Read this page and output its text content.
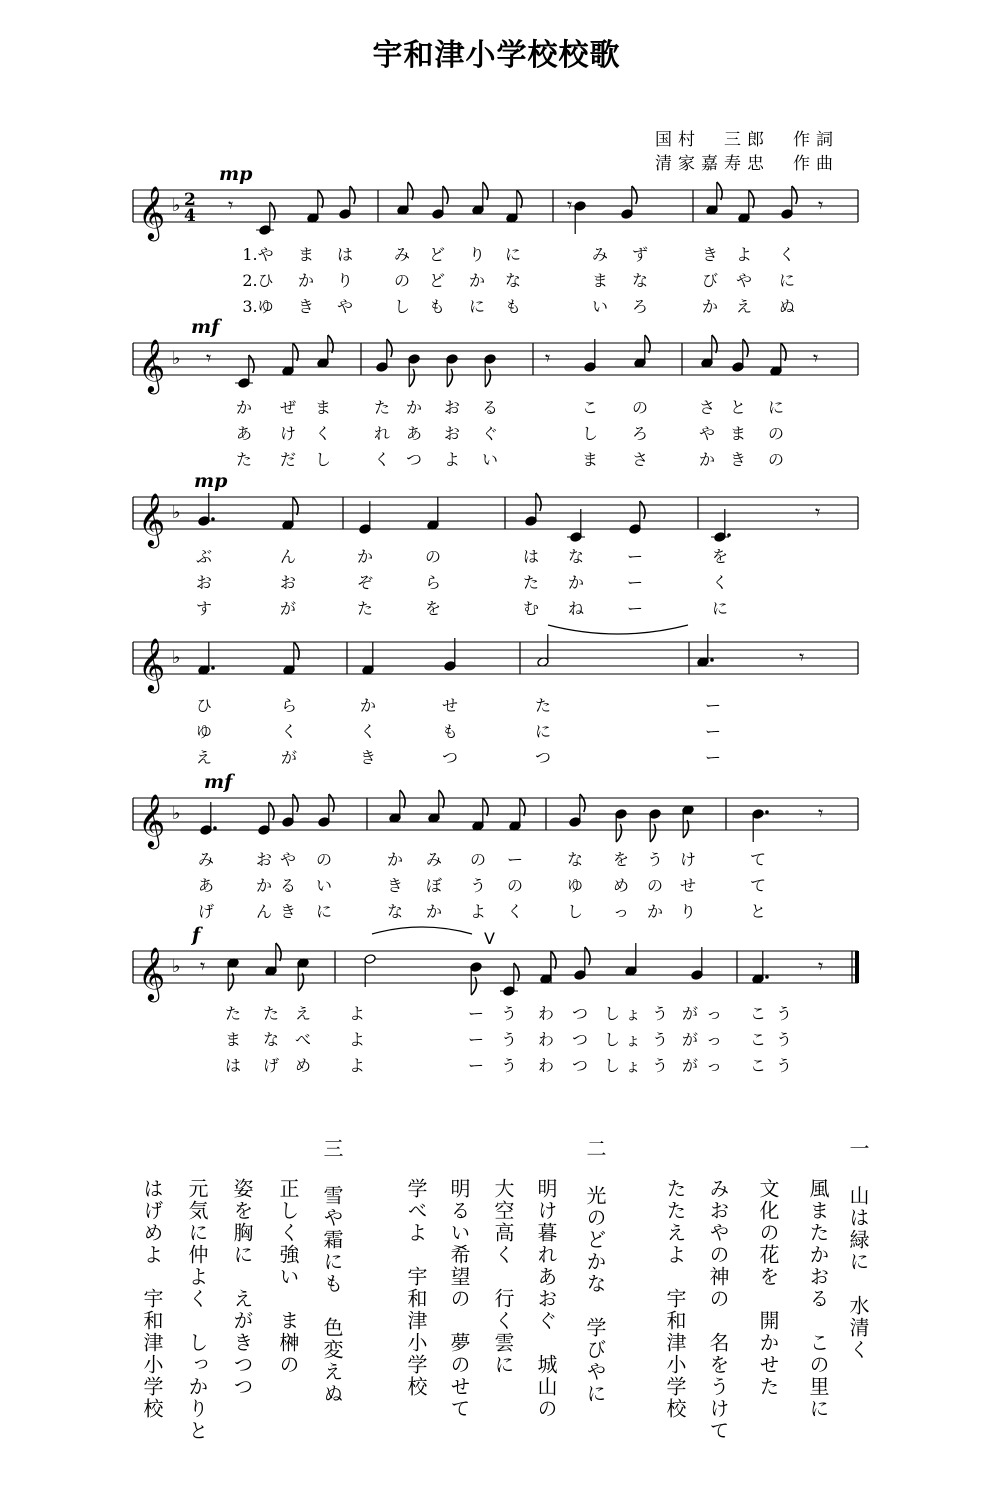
宇和津小学校校歌
国村　三郎　作詞
清家嘉寿忠　作曲
𝄞 ♭ 2
4
mp
𝄾	𝄾	𝄾
𝄞 ♭
mf
𝄾	𝄾	𝄾
𝄞 ♭
mp
𝄾
𝄞 ♭	𝄾
𝄞 ♭
mf
𝄾
𝄞 ♭
f
𝄾	𝄾
V
1.や ま は	み ど り に	み ず	き よ く
2.ひ か り	の ど か な	ま な	び や に
3.ゆ き や	し も に も	い ろ	か え ぬ
か ぜ ま	た か お る	こ の	さ と に
あ け く	れ あ お ぐ	し ろ	や ま の
た だ し	く つ よ い	ま さ	か き の
ぶ	ん	か	の	は な	ー	を
お	お	ぞ	ら	た か	ー	く
す	が	た	を	む ね	ー	に
ひ	ら	か	せ	た	ー
ゆ	く	く	も	に	ー
え	が	き	つ	つ	ー
み	お や の	か み の ー	な を う け	て
あ	か る い	き ぼ う の	ゆ め の せ	て
げ	ん き に	な か よ く	し っ か り	と
た た え よ	ー う わ つ し ょ う が っ こ う
ま な べ よ	ー う わ つ し ょ う が っ こ う
は げ め よ	ー う わ つ し ょ う が っ こ う
一
山は緑に　水清く
風またかおる　この里に
文化の花を　開かせた
みおやの神の　名をうけて
たたえよ　宇和津小学校
二
光のどかな　学びやに
明け暮れあおぐ　城山の
大空高く　行く雲に
明るい希望の　夢のせて
学べよ　宇和津小学校
三
雪や霜にも　色変えぬ
正しく強い　ま榊の
姿を胸に　えがきつつ
元気に仲よく　しっかりと
はげめよ　宇和津小学校
